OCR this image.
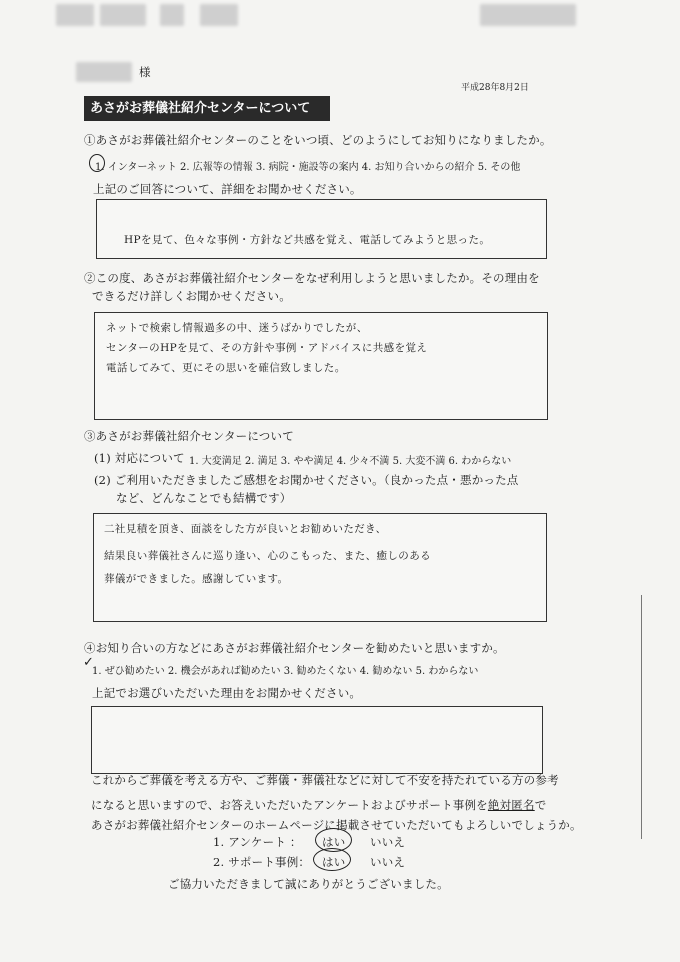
様
平成28年8月2日
あさがお葬儀社紹介センターについて
①あさがお葬儀社紹介センターのことをいつ頃、どのようにしてお知りになりましたか。
1. インターネット 2. 広報等の情報 3. 病院・施設等の案内 4. お知り合いからの紹介 5. その他
上記のご回答について、詳細をお聞かせください。
HPを見て、色々な事例・方針など共感を覚え、電話してみようと思った。
②この度、あさがお葬儀社紹介センターをなぜ利用しようと思いましたか。その理由を
できるだけ詳しくお聞かせください。
ネットで検索し情報過多の中、迷うばかりでしたが、
センターのHPを見て、その方針や事例・アドバイスに共感を覚え
電話してみて、更にその思いを確信致しました。
③あさがお葬儀社紹介センターについて
(1) 対応について 1. 大変満足 2. 満足 3. やや満足 4. 少々不満 5. 大変不満 6. わからない
(2) ご利用いただきましたご感想をお聞かせください。（良かった点・悪かった点
など、どんなことでも結構です）
二社見積を頂き、面談をした方が良いとお勧めいただき、
結果良い葬儀社さんに巡り逢い、心のこもった、また、癒しのある
葬儀ができました。感謝しています。
④お知り合いの方などにあさがお葬儀社紹介センターを勧めたいと思いますか。
1. ぜひ勧めたい 2. 機会があれば勧めたい 3. 勧めたくない 4. 勧めない 5. わからない
✓
上記でお選びいただいた理由をお聞かせください。
これからご葬儀を考える方や、ご葬儀・葬儀社などに対して不安を持たれている方の参考
になると思いますので、お答えいただいたアンケートおよびサポート事例を絶対匿名で
あさがお葬儀社紹介センターのホームページに掲載させていただいてもよろしいでしょうか。
1. アンケート ： はい いいえ
2. サポート事例： はい いいえ
ご協力いただきまして誠にありがとうございました。
